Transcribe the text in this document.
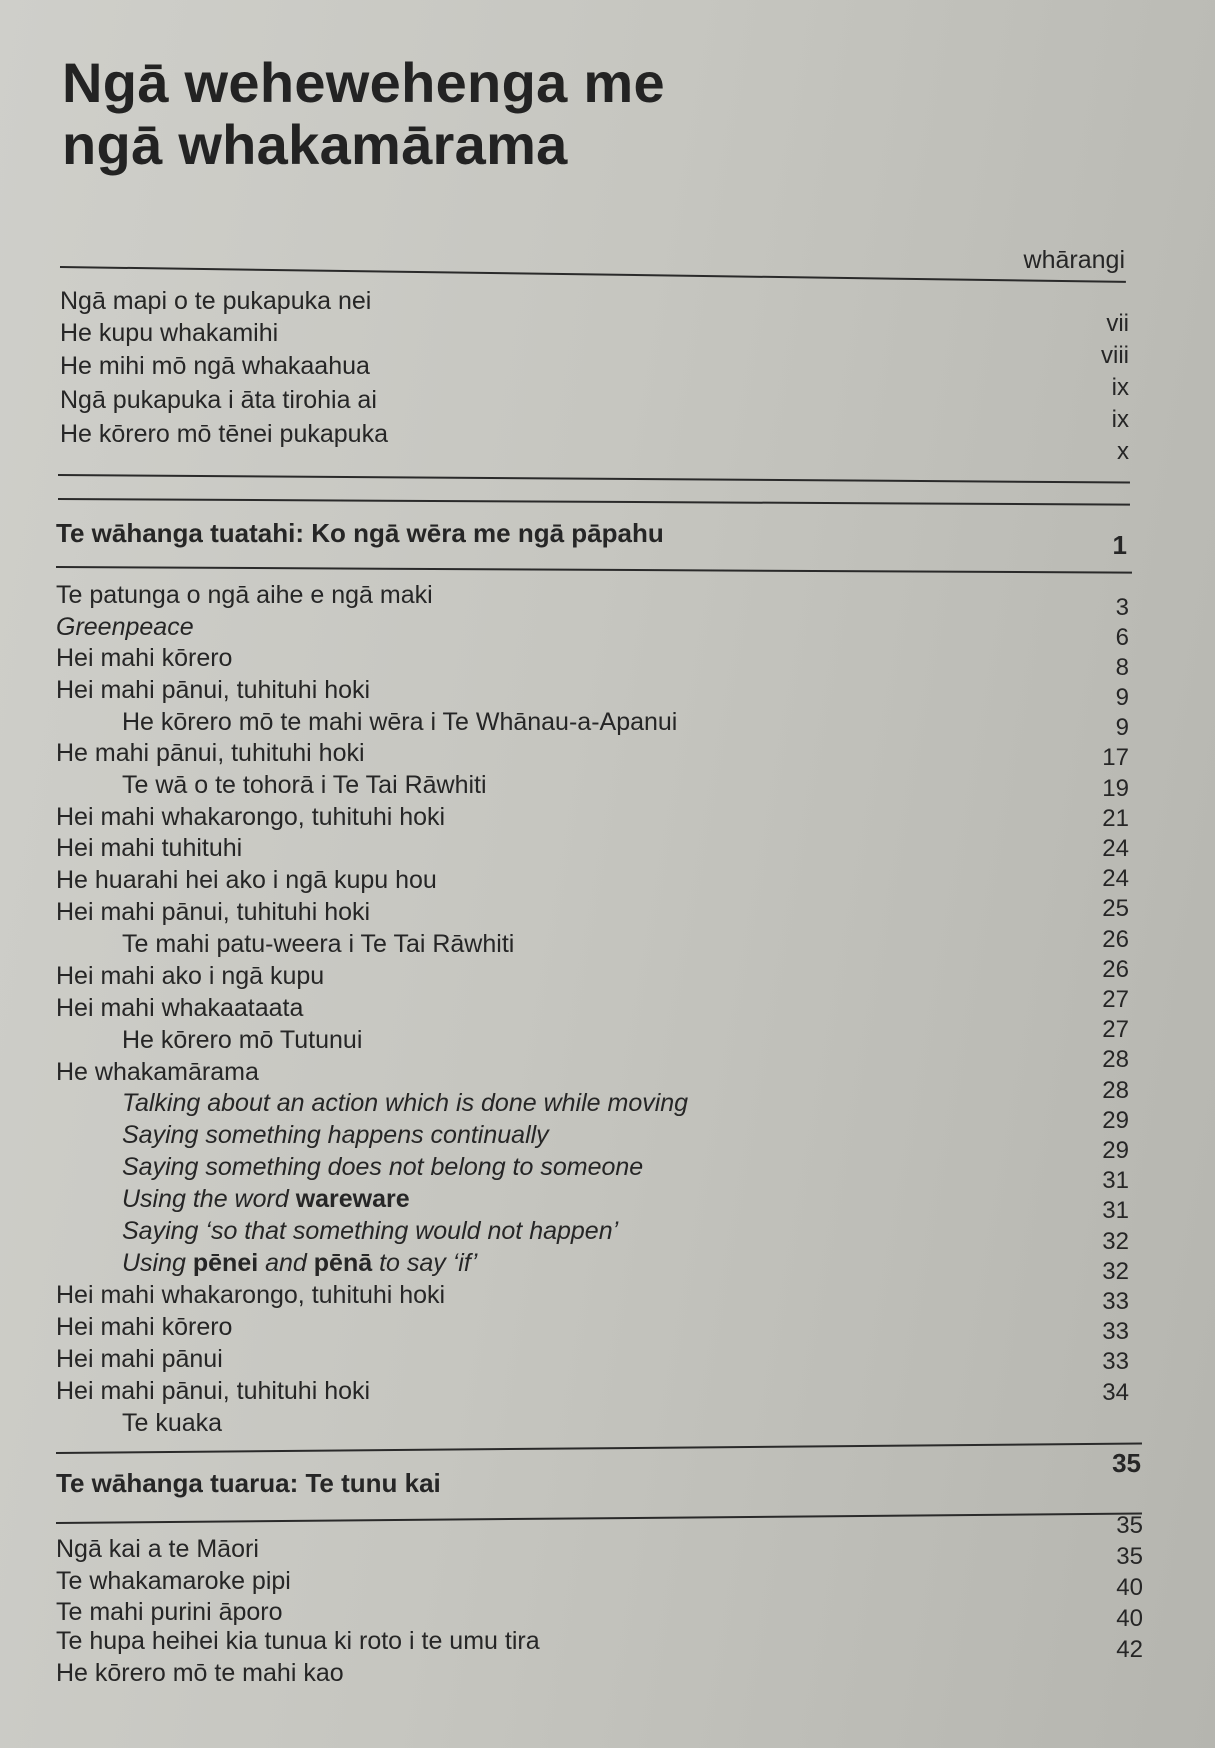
Ngā wehewehenga me
ngā whakamārama
whārangi
Ngā mapi o te pukapuka nei
He kupu whakamihi
He mihi mō ngā whakaahua
Ngā pukapuka i āta tirohia ai
He kōrero mō tēnei pukapuka
vii
viii
ix
ix
x
Te wāhanga tuatahi: Ko ngā wēra me ngā pāpahu	1
Te patunga o ngā aihe e ngā maki
Greenpeace
Hei mahi kōrero
Hei mahi pānui, tuhituhi hoki
He kōrero mō te mahi wēra i Te Whānau-a-Apanui
He mahi pānui, tuhituhi hoki
Te wā o te tohorā i Te Tai Rāwhiti
Hei mahi whakarongo, tuhituhi hoki
Hei mahi tuhituhi
He huarahi hei ako i ngā kupu hou
Hei mahi pānui, tuhituhi hoki
Te mahi patu-weera i Te Tai Rāwhiti
Hei mahi ako i ngā kupu
Hei mahi whakaataata
He kōrero mō Tutunui
He whakamārama
Talking about an action which is done while moving
Saying something happens continually
Saying something does not belong to someone
Using the word wareware
Saying ‘so that something would not happen’
Using pēnei and pēnā to say ‘if’
Hei mahi whakarongo, tuhituhi hoki
Hei mahi kōrero
Hei mahi pānui
Hei mahi pānui, tuhituhi hoki
Te kuaka
3
6
8
9
9
17
19
21
24
24
25
26
26
27
27
28
28
29
29
31
31
32
32
33
33
33
34
35
Te wāhanga tuarua: Te tunu kai
Ngā kai a te Māori
Te whakamaroke pipi
Te mahi purini āporo
Te hupa heihei kia tunua ki roto i te umu tira
He kōrero mō te mahi kao
35
35
40
40
42
